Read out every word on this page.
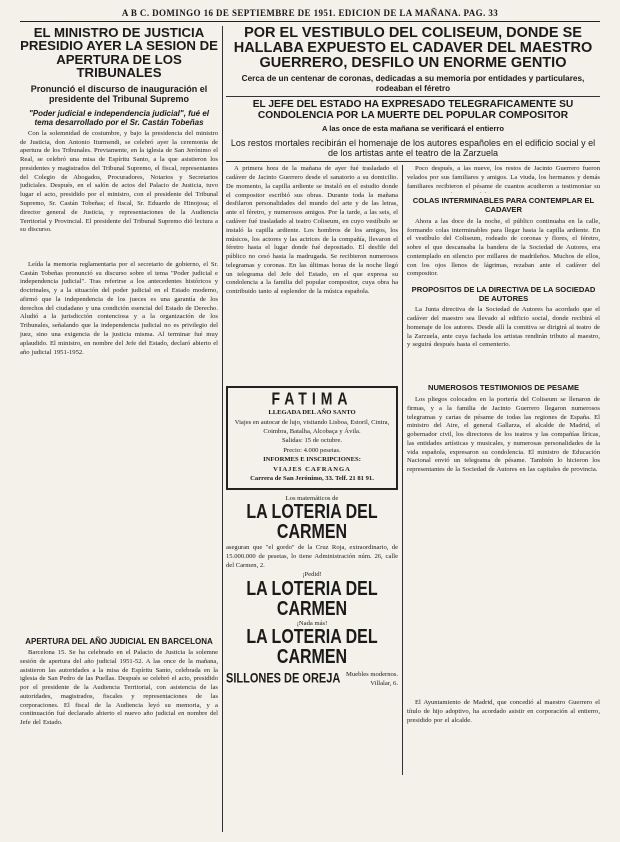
A B C. DOMINGO 16 DE SEPTIEMBRE DE 1951. EDICION DE LA MAÑANA. PAG. 33
EL MINISTRO DE JUSTICIA PRESIDIO AYER LA SESION DE APERTURA DE LOS TRIBUNALES

Pronunció el discurso de inauguración el presidente del Tribunal Supremo

"Poder judicial e independencia judicial", fué el tema desarrollado por el Sr. Castán Tobeñas

Con la solemnidad de costumbre, y bajo la presidencia del ministro de Justicia, don Antonio Iturmendi, se celebró ayer la ceremonia de apertura de los Tribunales. Previamente, en la iglesia de San Jerónimo el Real, se celebró una misa de Espíritu Santo, a la que asistieron los presidentes y magistrados del Tribunal Supremo, el fiscal, representantes del Colegio de Abogados, Procuradores, Notarios y Secretarios judiciales. Después, en el salón de actos del Palacio de Justicia, tuvo lugar el acto, presidido por el ministro, con el presidente del Tribunal Supremo, Sr. Castán Tobeñas; el fiscal, Sr. Eduardo de Hinojosa; el director general de Justicia, y representaciones de la Audiencia Territorial y Provincial. El presidente del Tribunal Supremo dió lectura a su discurso.

Leída la memoria reglamentaria por el secretario de gobierno, el Sr. Castán Tobeñas pronunció su discurso sobre el tema "Poder judicial e independencia judicial". Tras referirse a los antecedentes históricos y doctrinales, y a la situación del poder judicial en el Estado moderno, afirmó que la independencia de los jueces es una garantía de los derechos del ciudadano y una condición esencial del Estado de Derecho. Aludió a la jurisdicción contenciosa y a la organización de los Tribunales, señalando que la independencia judicial no es privilegio del juez, sino una exigencia de la justicia misma. Al terminar fué muy aplaudido. El ministro, en nombre del Jefe del Estado, declaró abierto el año judicial 1951-1952.

APERTURA DEL AÑO JUDICIAL EN BARCELONA

Barcelona 15. Se ha celebrado en el Palacio de Justicia la solemne sesión de apertura del año judicial 1951-52. A las once de la mañana, asistieron las autoridades a la misa de Espíritu Santo, celebrada en la iglesia de San Pedro de las Puellas. Después se celebró el acto, presidido por el presidente de la Audiencia Territorial, con asistencia de las autoridades, magistrados, fiscales y representaciones de las corporaciones. El fiscal de la Audiencia leyó su memoria, y a continuación fué declarado abierto el nuevo año judicial en nombre del Jefe del Estado.

POR EL VESTIBULO DEL COLISEUM, DONDE SE HALLABA EXPUESTO EL CADAVER DEL MAESTRO GUERRERO, DESFILO UN ENORME GENTIO

Cerca de un centenar de coronas, dedicadas a su memoria por entidades y particulares, rodeaban el féretro

EL JEFE DEL ESTADO HA EXPRESADO TELEGRAFICAMENTE SU CONDOLENCIA POR LA MUERTE DEL POPULAR COMPOSITOR

A las once de esta mañana se verificará el entierro

Los restos mortales recibirán el homenaje de los autores españoles en el edificio social y el de los artistas ante el teatro de la Zarzuela

A primera hora de la mañana de ayer fué trasladado el cadáver de Jacinto Guerrero desde el sanatorio a su domicilio. De momento, la capilla ardiente se instaló en el estudio donde el compositor escribió sus obras. Durante toda la mañana desfilaron personalidades del mundo del arte y de las letras, ante el féretro, y numerosos amigos. Por la tarde, a las seis, el cadáver fué trasladado al teatro Coliseum, en cuyo vestíbulo se instaló la capilla ardiente. Los hombros de los amigos, los músicos, los actores y las actrices de la compañía, llevaron el féretro hasta el lugar donde fué depositado. El desfile del público no cesó hasta la madrugada. Se recibieron numerosos telegramas y coronas. En las últimas horas de la noche llegó un telegrama del Jefe del Estado, en el que expresa su condolencia a la familia del popular compositor, cuya obra ha contribuido tanto al esplendor de la música española.

FATIMA

LLEGADA DEL AÑO SANTO

Viajes en autocar de lujo, visitando Lisboa, Estoril, Cintra, Coimbra, Batalha, Alcobaça y Ávila.

Salidas: 15 de octubre.

Precio: 4.000 pesetas.

INFORMES E INSCRIPCIONES:

VIAJES CAFRANGA

Carrera de San Jerónimo, 33. Telf. 21 81 91.

Los matemáticos de

LA LOTERIA DEL CARMEN

aseguran que "el gordo" de la Cruz Roja, extraordinario, de 15.000.000 de pesetas, lo tiene Administración núm. 26, calle del Carmen, 2.

¡Pedid!

LA LOTERIA DEL CARMEN

¡Nada más!

LA LOTERIA DEL CARMEN

SILLONES DE OREJA Muebles modernos. Villalar, 6.

Poco después, a las nueve, los restos de Jacinto Guerrero fueron velados por sus familiares y amigos. La viuda, los hermanos y demás familiares recibieron el pésame de cuantos acudieron a testimoniar su

COLAS INTERMINABLES PARA CONTEMPLAR EL CADAVER

Ahora a las doce de la noche, el público continuaba en la calle, formando colas interminables para llegar hasta la capilla ardiente. En el vestíbulo del Coliseum, rodeado de coronas y flores, el féretro, sobre el que descansaba la bandera de la Sociedad de Autores, era contemplado en silencio por millares de madrileños. Muchos de ellos, con los ojos llenos de lágrimas, rezaban ante el cadáver del compositor.

PROPOSITOS DE LA DIRECTIVA DE LA SOCIEDAD DE AUTORES

La Junta directiva de la Sociedad de Autores ha acordado que el cadáver del maestro sea llevado al edificio social, donde recibirá el homenaje de los autores. Desde allí la comitiva se dirigirá al teatro de la Zarzuela, ante cuya fachada los artistas rendirán tributo al maestro, y seguirá después hasta el cementerio.

NUMEROSOS TESTIMONIOS DE PESAME

Los pliegos colocados en la portería del Coliseum se llenaron de firmas, y a la familia de Jacinto Guerrero llegaron numerosos telegramas y cartas de pésame de todas las regiones de España. El ministro del Aire, el general Gallarza, el alcalde de Madrid, el gobernador civil, los directores de los teatros y las compañías líricas, las entidades artísticas y musicales, y numerosas personalidades de la vida española, expresaron su condolencia. El ministro de Educación Nacional envió un telegrama de pésame. También lo hicieron los representantes de la Sociedad de Autores en las capitales de provincia.

El Ayuntamiento de Madrid, que concedió al maestro Guerrero el título de hijo adoptivo, ha acordado asistir en corporación al entierro, presidido por el alcalde.
